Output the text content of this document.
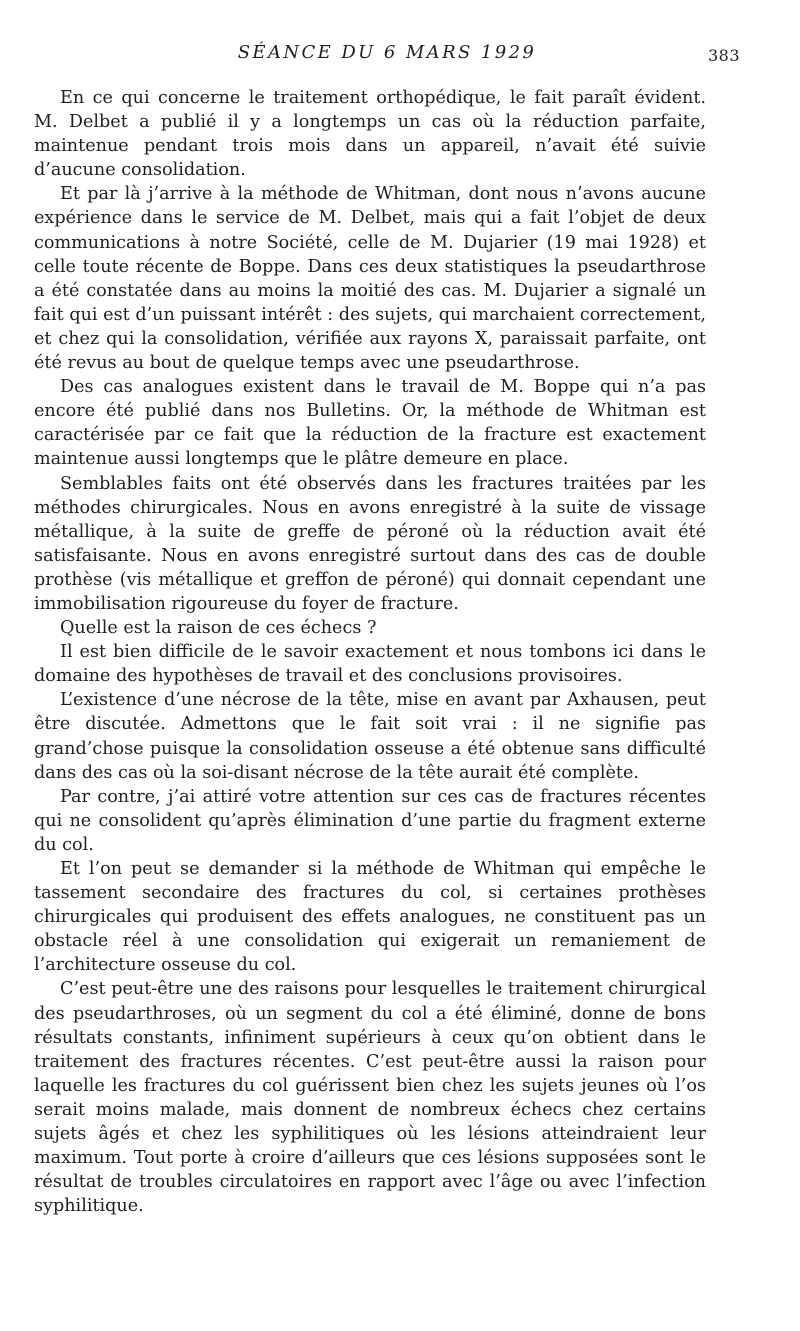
SÉANCE DU 6 MARS 1929	383

En ce qui concerne le traitement orthopédique, le fait paraît évident. M. Delbet a publié il y a longtemps un cas où la réduction parfaite, maintenue pendant trois mois dans un appareil, n’avait été suivie d’aucune consolidation.

Et par là j’arrive à la méthode de Whitman, dont nous n’avons aucune expérience dans le service de M. Delbet, mais qui a fait l’objet de deux communications à notre Société, celle de M. Dujarier (19 mai 1928) et celle toute récente de Boppe. Dans ces deux statistiques la pseudarthrose a été constatée dans au moins la moitié des cas. M. Dujarier a signalé un fait qui est d’un puissant intérêt : des sujets, qui marchaient correctement, et chez qui la consolidation, vérifiée aux rayons X, paraissait parfaite, ont été revus au bout de quelque temps avec une pseudarthrose.

Des cas analogues existent dans le travail de M. Boppe qui n’a pas encore été publié dans nos Bulletins. Or, la méthode de Whitman est caractérisée par ce fait que la réduction de la fracture est exactement maintenue aussi longtemps que le plâtre demeure en place.

Semblables faits ont été observés dans les fractures traitées par les méthodes chirurgicales. Nous en avons enregistré à la suite de vissage métallique, à la suite de greffe de péroné où la réduction avait été satisfaisante. Nous en avons enregistré surtout dans des cas de double prothèse (vis métallique et greffon de péroné) qui donnait cependant une immobilisation rigoureuse du foyer de fracture.

Quelle est la raison de ces échecs ?

Il est bien difficile de le savoir exactement et nous tombons ici dans le domaine des hypothèses de travail et des conclusions provisoires.

L’existence d’une nécrose de la tête, mise en avant par Axhausen, peut être discutée. Admettons que le fait soit vrai : il ne signifie pas grand’chose puisque la consolidation osseuse a été obtenue sans difficulté dans des cas où la soi-disant nécrose de la tête aurait été complète.

Par contre, j’ai attiré votre attention sur ces cas de fractures récentes qui ne consolident qu’après élimination d’une partie du fragment externe du col.

Et l’on peut se demander si la méthode de Whitman qui empêche le tassement secondaire des fractures du col, si certaines prothèses chirurgicales qui produisent des effets analogues, ne constituent pas un obstacle réel à une consolidation qui exigerait un remaniement de l’architecture osseuse du col.

C’est peut-être une des raisons pour lesquelles le traitement chirurgical des pseudarthroses, où un segment du col a été éliminé, donne de bons résultats constants, infiniment supérieurs à ceux qu’on obtient dans le traitement des fractures récentes. C’est peut-être aussi la raison pour laquelle les fractures du col guérissent bien chez les sujets jeunes où l’os serait moins malade, mais donnent de nombreux échecs chez certains sujets âgés et chez les syphilitiques où les lésions atteindraient leur maximum. Tout porte à croire d’ailleurs que ces lésions supposées sont le résultat de troubles circulatoires en rapport avec l’âge ou avec l’infection syphilitique.
